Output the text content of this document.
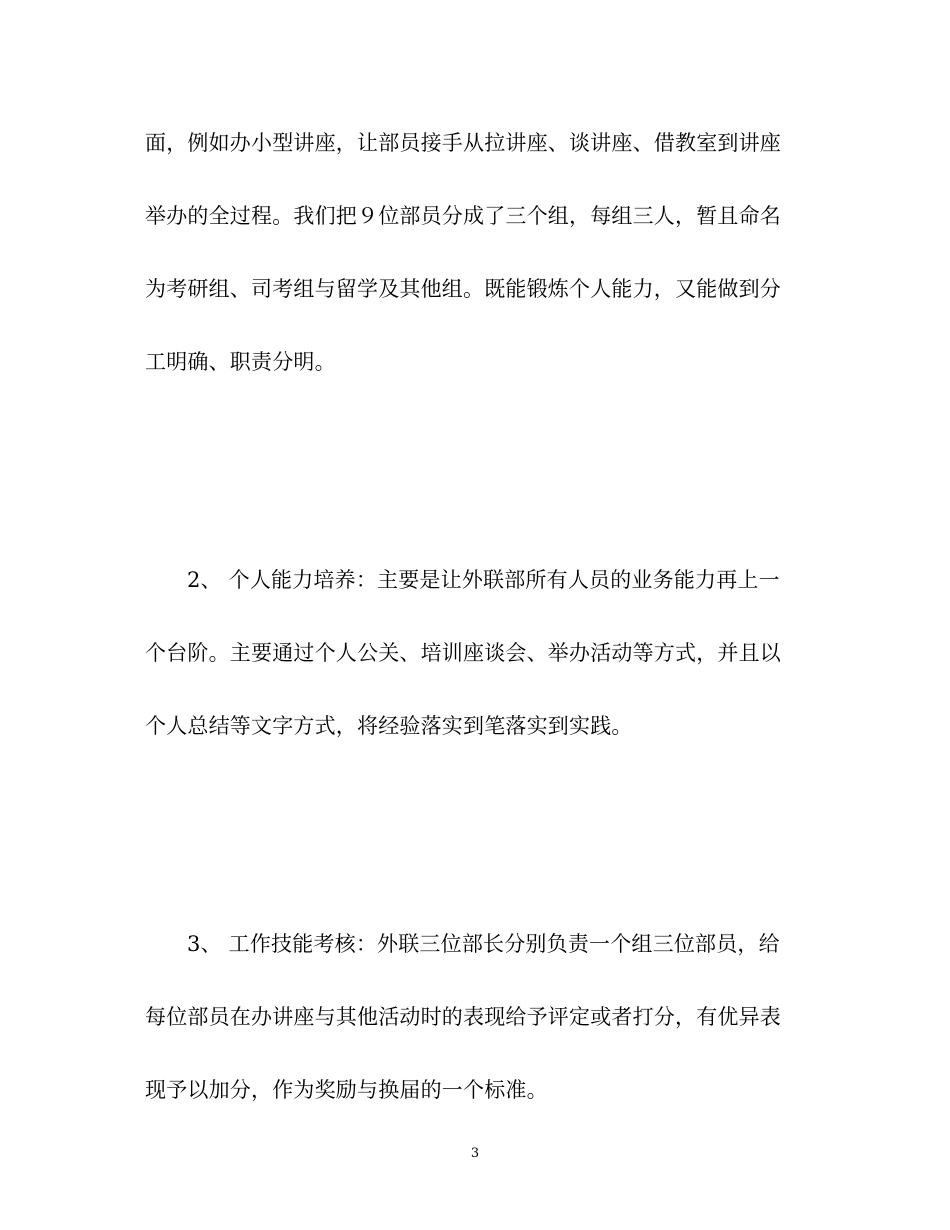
面，例如办小型讲座，让部员接手从拉讲座、谈讲座、借教室到讲座
举办的全过程。我们把９位部员分成了三个组，每组三人，暂且命名
为考研组、司考组与留学及其他组。既能锻炼个人能力，又能做到分
工明确、职责分明。
2、 个人能力培养：主要是让外联部所有人员的业务能力再上一
个台阶。主要通过个人公关、培训座谈会、举办活动等方式，并且以
个人总结等文字方式，将经验落实到笔落实到实践。
3、 工作技能考核：外联三位部长分别负责一个组三位部员，给
每位部员在办讲座与其他活动时的表现给予评定或者打分，有优异表
现予以加分，作为奖励与换届的一个标准。
3
